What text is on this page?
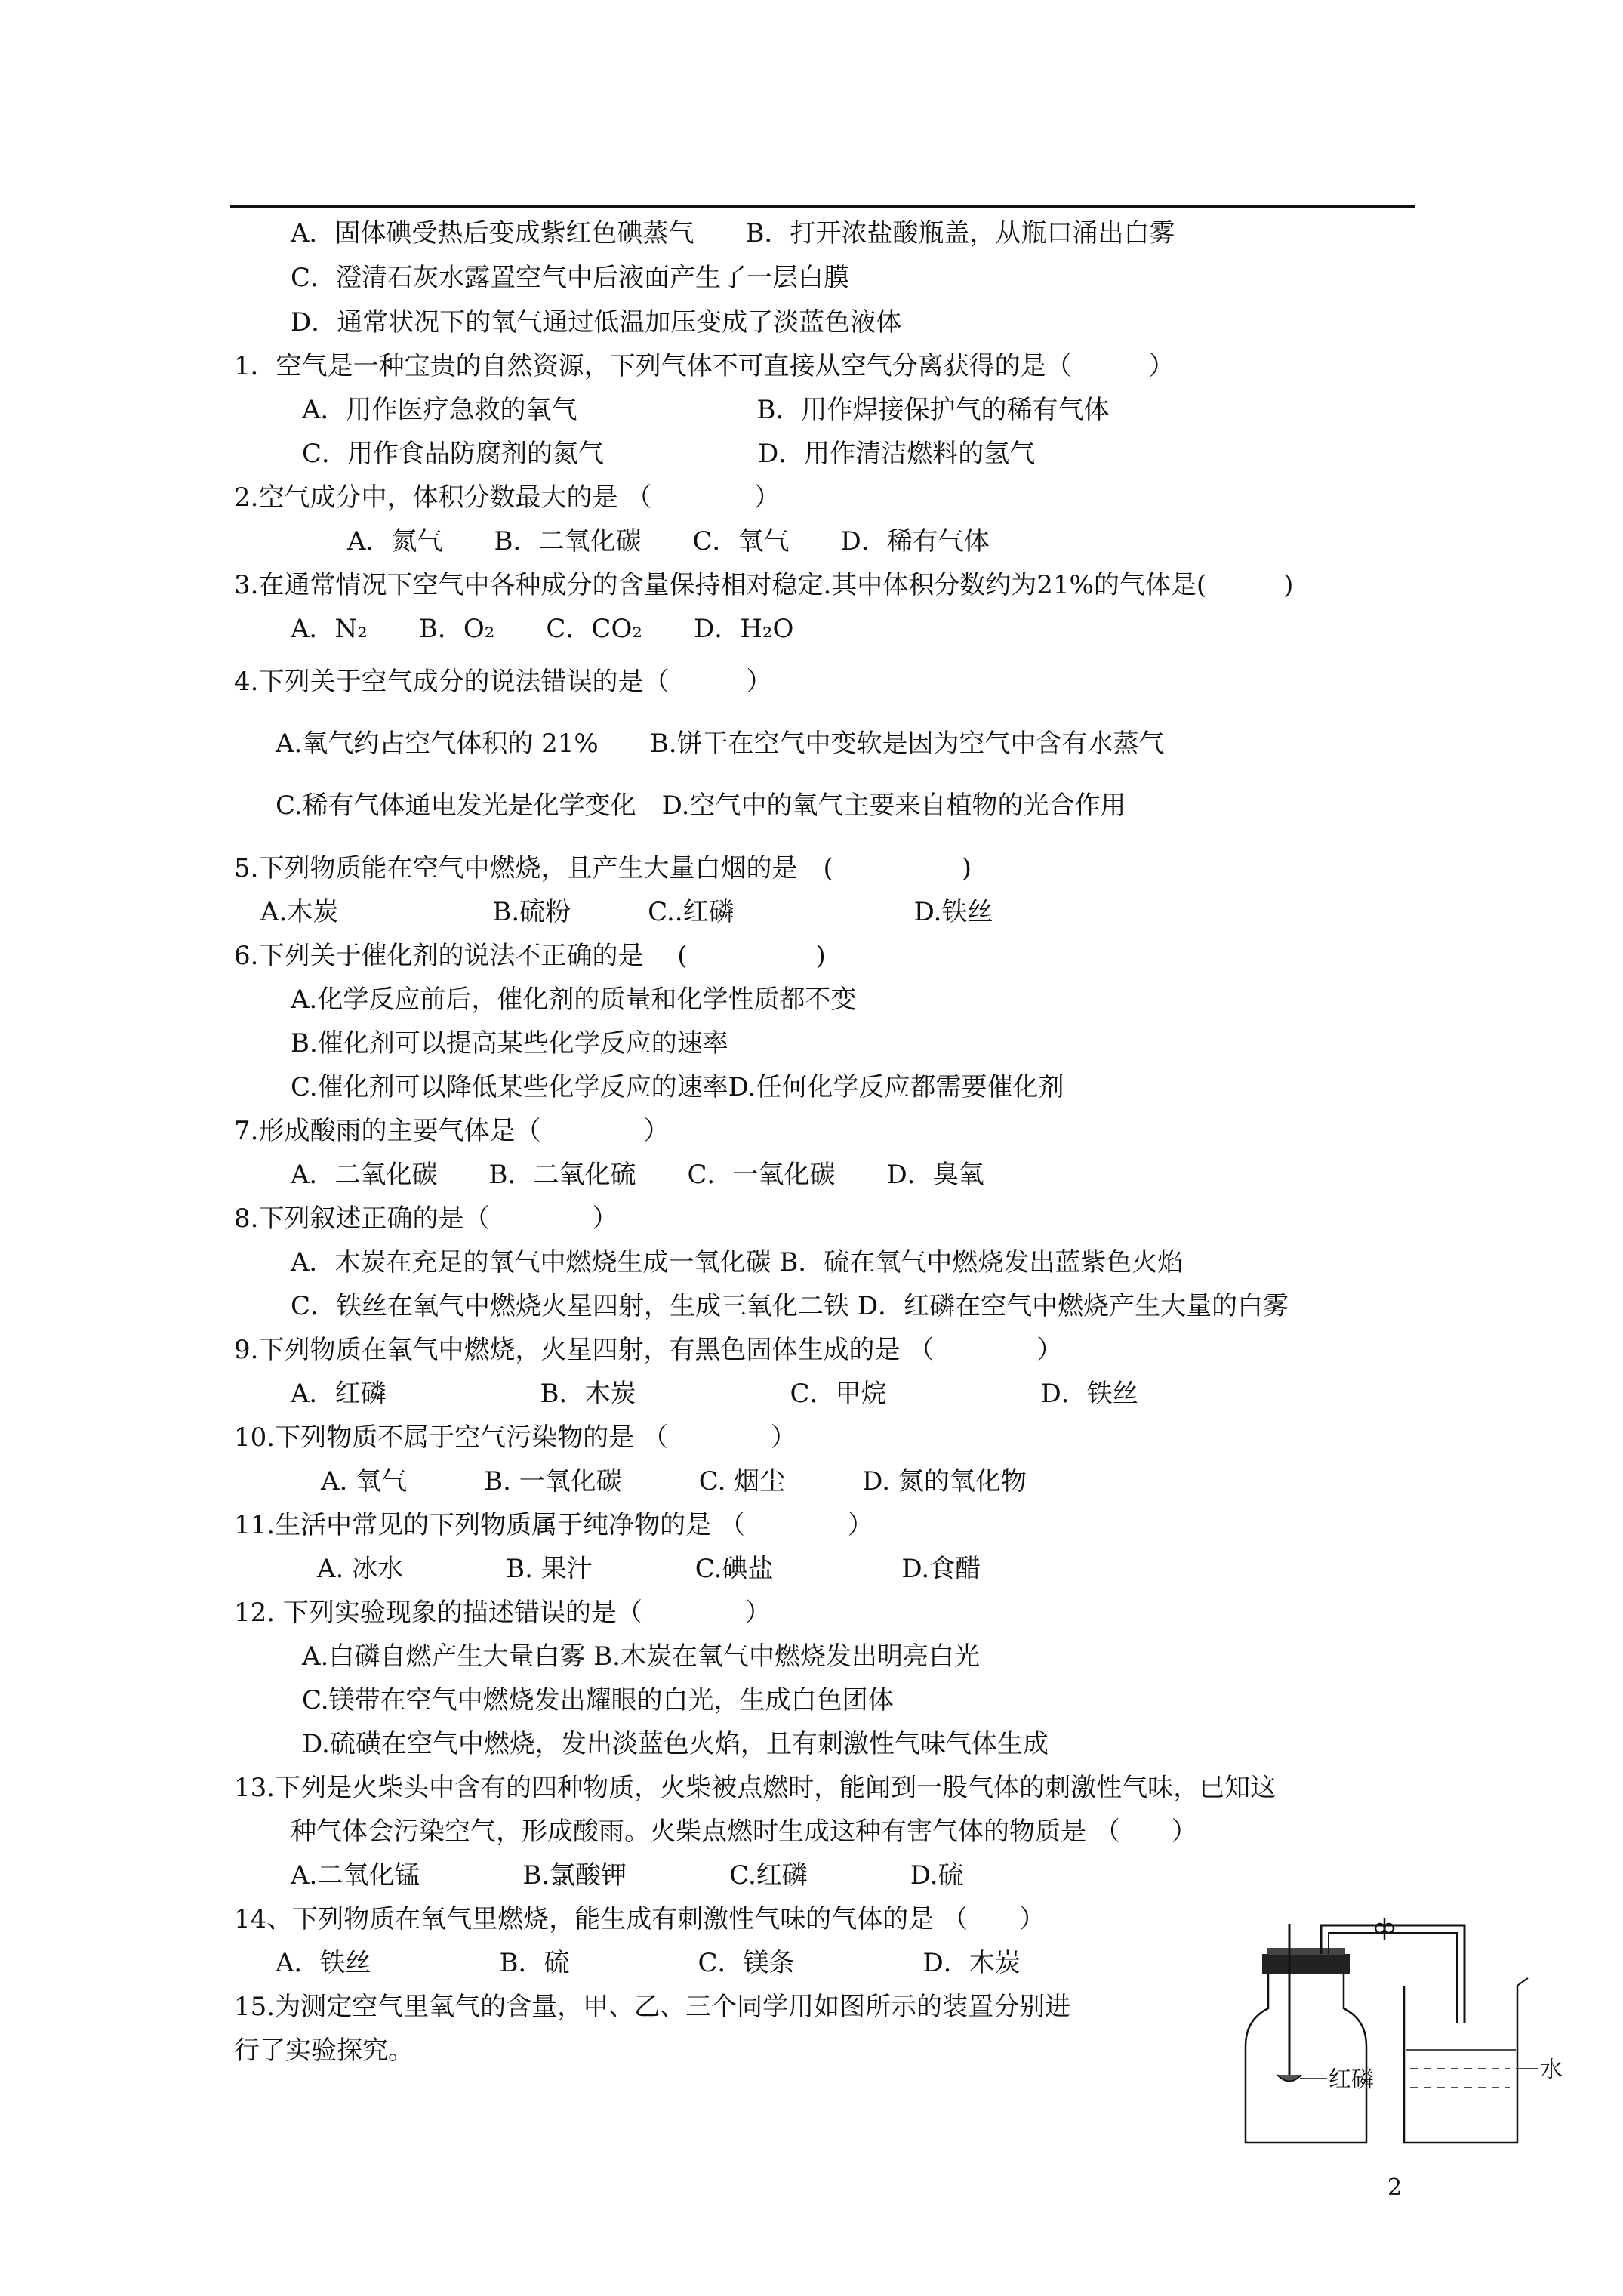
A．固体碘受热后变成紫红色碘蒸气　　B．打开浓盐酸瓶盖，从瓶口涌出白雾
C．澄清石灰水露置空气中后液面产生了一层白膜
D．通常状况下的氧气通过低温加压变成了淡蓝色液体
1．空气是一种宝贵的自然资源，下列气体不可直接从空气分离获得的是（　　　）
A．用作医疗急救的氧气　　　　　　　B．用作焊接保护气的稀有气体
C．用作食品防腐剂的氮气　　　　　　D．用作清洁燃料的氢气
2.空气成分中，体积分数最大的是 （　　　　）
A．氮气　　B．二氧化碳　　C．氧气　　D．稀有气体
3.在通常情况下空气中各种成分的含量保持相对稳定.其中体积分数约为21%的气体是(　　　)
A．N₂　　B．O₂　　C．CO₂　　D．H₂O
4.下列关于空气成分的说法错误的是（　　　）
A.氧气约占空气体积的 21%　　B.饼干在空气中变软是因为空气中含有水蒸气
C.稀有气体通电发光是化学变化　D.空气中的氧气主要来自植物的光合作用
5.下列物质能在空气中燃烧，且产生大量白烟的是　(　　　　　)
A.木炭　　　　　　B.硫粉　　　C..红磷　　　　　　　D.铁丝
6.下列关于催化剂的说法不正确的是　 (　　　　　)
A.化学反应前后，催化剂的质量和化学性质都不变
B.催化剂可以提高某些化学反应的速率
C.催化剂可以降低某些化学反应的速率D.任何化学反应都需要催化剂
7.形成酸雨的主要气体是（　　　　）
A．二氧化碳　　B．二氧化硫　　C．一氧化碳　　D．臭氧
8.下列叙述正确的是（　　　　）
A．木炭在充足的氧气中燃烧生成一氧化碳 B．硫在氧气中燃烧发出蓝紫色火焰
C．铁丝在氧气中燃烧火星四射，生成三氧化二铁 D．红磷在空气中燃烧产生大量的白雾
9.下列物质在氧气中燃烧，火星四射，有黑色固体生成的是 （　　　　）
A．红磷　　　　　　B．木炭　　　　　　C．甲烷　　　　　　D．铁丝
10.下列物质不属于空气污染物的是 （　　　　）
A. 氧气　　　B. 一氧化碳　　　C. 烟尘　　　D. 氮的氧化物
11.生活中常见的下列物质属于纯净物的是 （　　　　）
A. 冰水　　　　B. 果汁　　　　C.碘盐　　　　　D.食醋
12. 下列实验现象的描述错误的是（　　　　）
A.白磷自燃产生大量白雾 B.木炭在氧气中燃烧发出明亮白光
C.镁带在空气中燃烧发出耀眼的白光，生成白色团体
D.硫磺在空气中燃烧，发出淡蓝色火焰，且有刺激性气味气体生成
13.下列是火柴头中含有的四种物质，火柴被点燃时，能闻到一股气体的刺激性气味，已知这
种气体会污染空气，形成酸雨。火柴点燃时生成这种有害气体的物质是 （　　）
A.二氧化锰　　　　B.氯酸钾　　　　C.红磷　　　　D.硫
14、下列物质在氧气里燃烧，能生成有刺激性气味的气体的是 （　　）
A．铁丝　　　　　B．硫　　　　　C．镁条　　　　　D．木炭
15.为测定空气里氧气的含量，甲、乙、三个同学用如图所示的装置分别进
行了实验探究。
红磷	水
2
